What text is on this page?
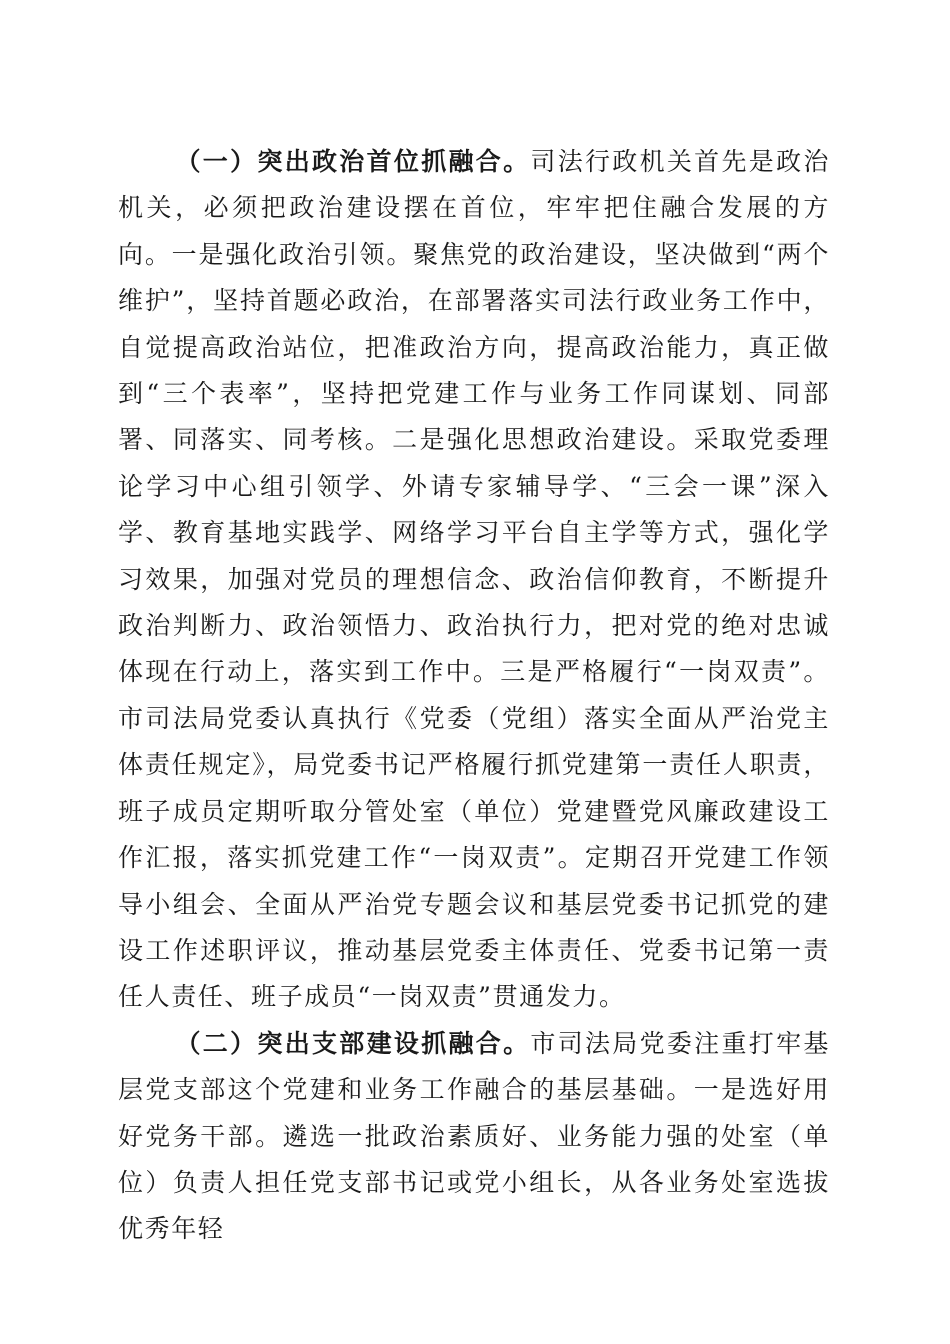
（一）突出政治首位抓融合。司法行政机关首先是政治机关，必须把政治建设摆在首位，牢牢把住融合发展的方向。一是强化政治引领。聚焦党的政治建设，坚决做到“两个维护”，坚持首题必政治，在部署落实司法行政业务工作中，自觉提高政治站位，把准政治方向，提高政治能力，真正做到“三个表率”，坚持把党建工作与业务工作同谋划、同部署、同落实、同考核。二是强化思想政治建设。采取党委理论学习中心组引领学、外请专家辅导学、“三会一课”深入学、教育基地实践学、网络学习平台自主学等方式，强化学习效果，加强对党员的理想信念、政治信仰教育，不断提升政治判断力、政治领悟力、政治执行力，把对党的绝对忠诚体现在行动上，落实到工作中。三是严格履行“一岗双责”。市司法局党委认真执行《党委（党组）落实全面从严治党主体责任规定》，局党委书记严格履行抓党建第一责任人职责，班子成员定期听取分管处室（单位）党建暨党风廉政建设工作汇报，落实抓党建工作“一岗双责”。定期召开党建工作领导小组会、全面从严治党专题会议和基层党委书记抓党的建设工作述职评议，推动基层党委主体责任、党委书记第一责任人责任、班子成员“一岗双责”贯通发力。

（二）突出支部建设抓融合。市司法局党委注重打牢基层党支部这个党建和业务工作融合的基层基础。一是选好用好党务干部。遴选一批政治素质好、业务能力强的处室（单位）负责人担任党支部书记或党小组长，从各业务处室选拔优秀年轻
